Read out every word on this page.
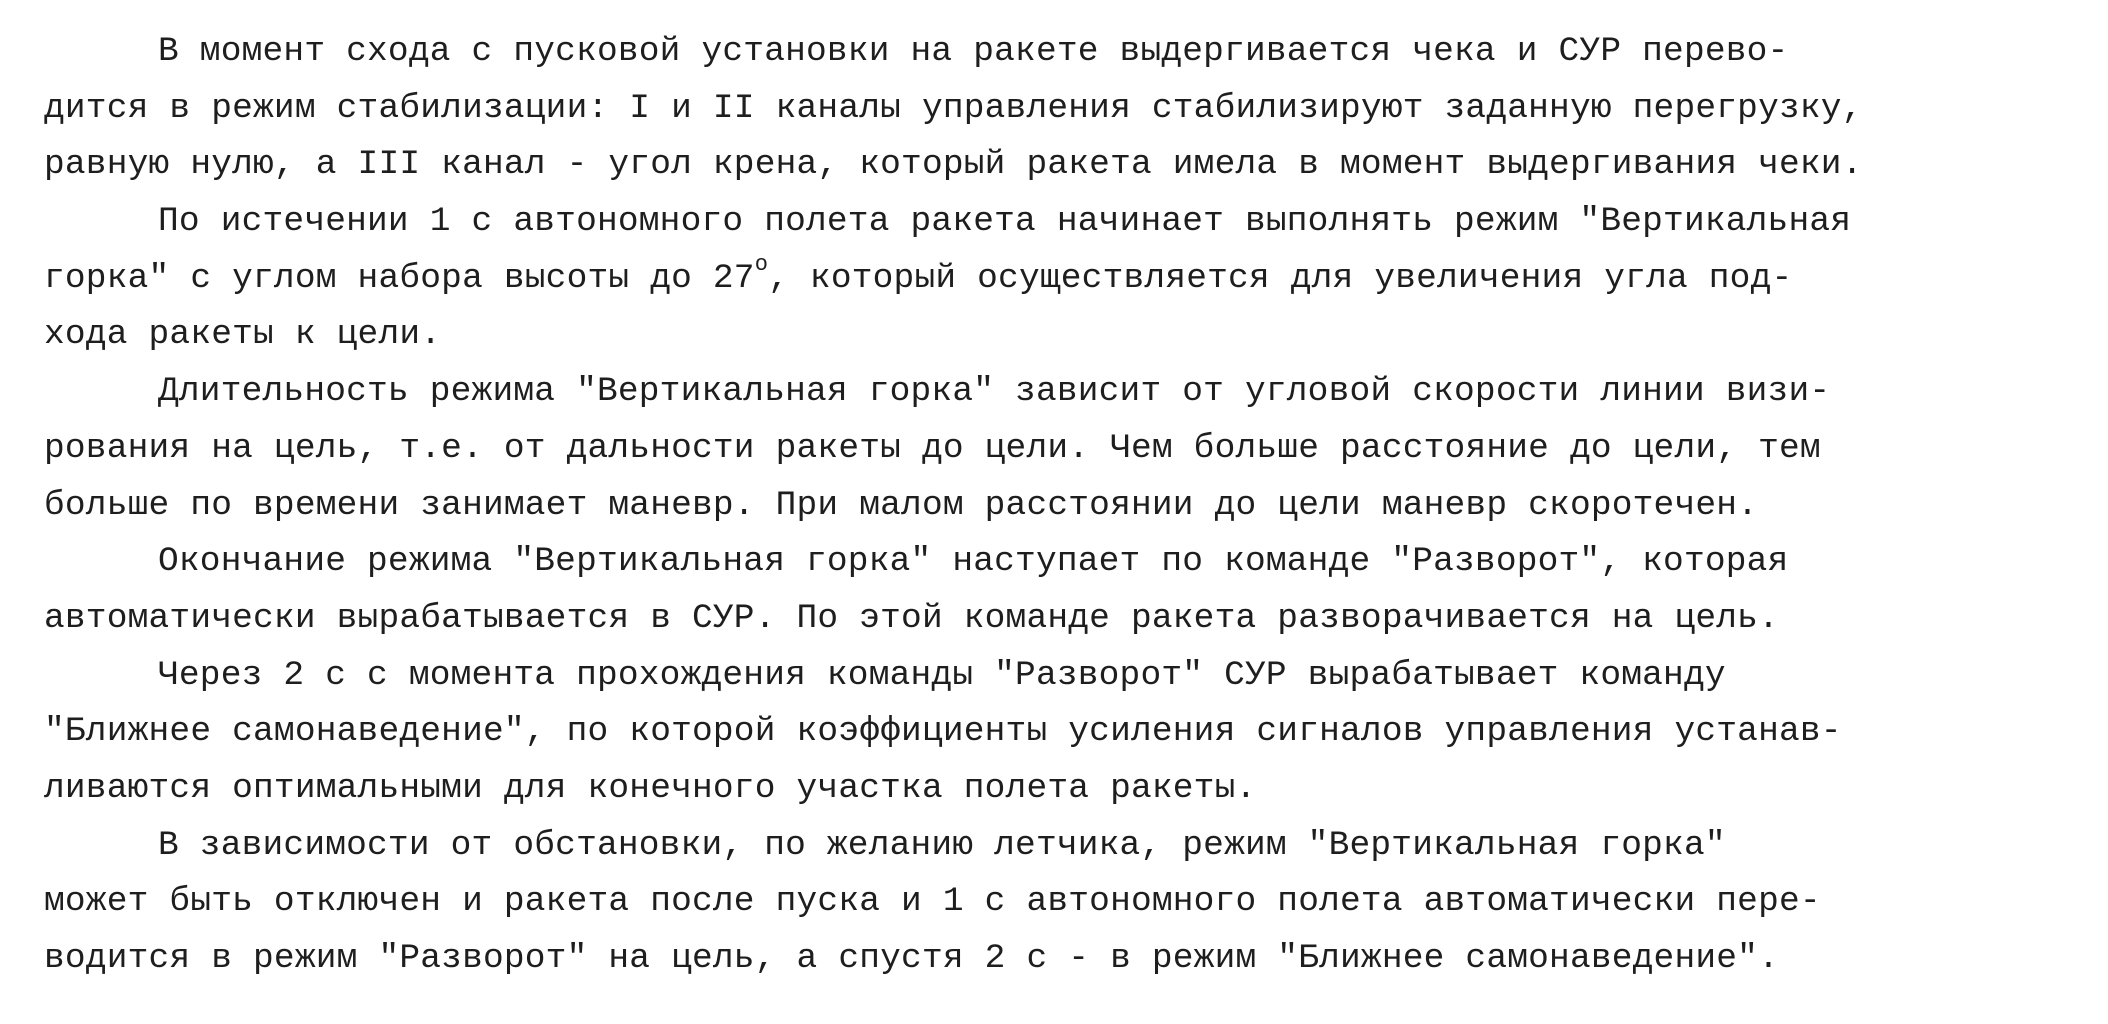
В момент схода с пусковой установки на ракете выдергивается чека и СУР перево-
дится в режим стабилизации: I и II каналы управления стабилизируют заданную перегрузку,
равную нулю, а III канал - угол крена, который ракета имела в момент выдергивания чеки.
По истечении 1 с автономного полета ракета начинает выполнять режим "Вертикальная
горка" с углом набора высоты до 27$^o$, который осуществляется для увеличения угла под-
хода ракеты к цели.
Длительность режима "Вертикальная горка" зависит от угловой скорости линии визи-
рования на цель, т.е. от дальности ракеты до цели. Чем больше расстояние до цели, тем
больше по времени занимает маневр. При малом расстоянии до цели маневр скоротечен.
Окончание режима "Вертикальная горка" наступает по команде "Разворот", которая
автоматически вырабатывается в СУР. По этой команде ракета разворачивается на цель.
Через 2 с с момента прохождения команды "Разворот" СУР вырабатывает команду
"Ближнее самонаведение", по которой коэффициенты усиления сигналов управления устанав-
ливаются оптимальными для конечного участка полета ракеты.
В зависимости от обстановки, по желанию летчика, режим "Вертикальная горка"
может быть отключен и ракета после пуска и 1 с автономного полета автоматически пере-
водится в режим "Разворот" на цель, а спустя 2 с - в режим "Ближнее самонаведение".
